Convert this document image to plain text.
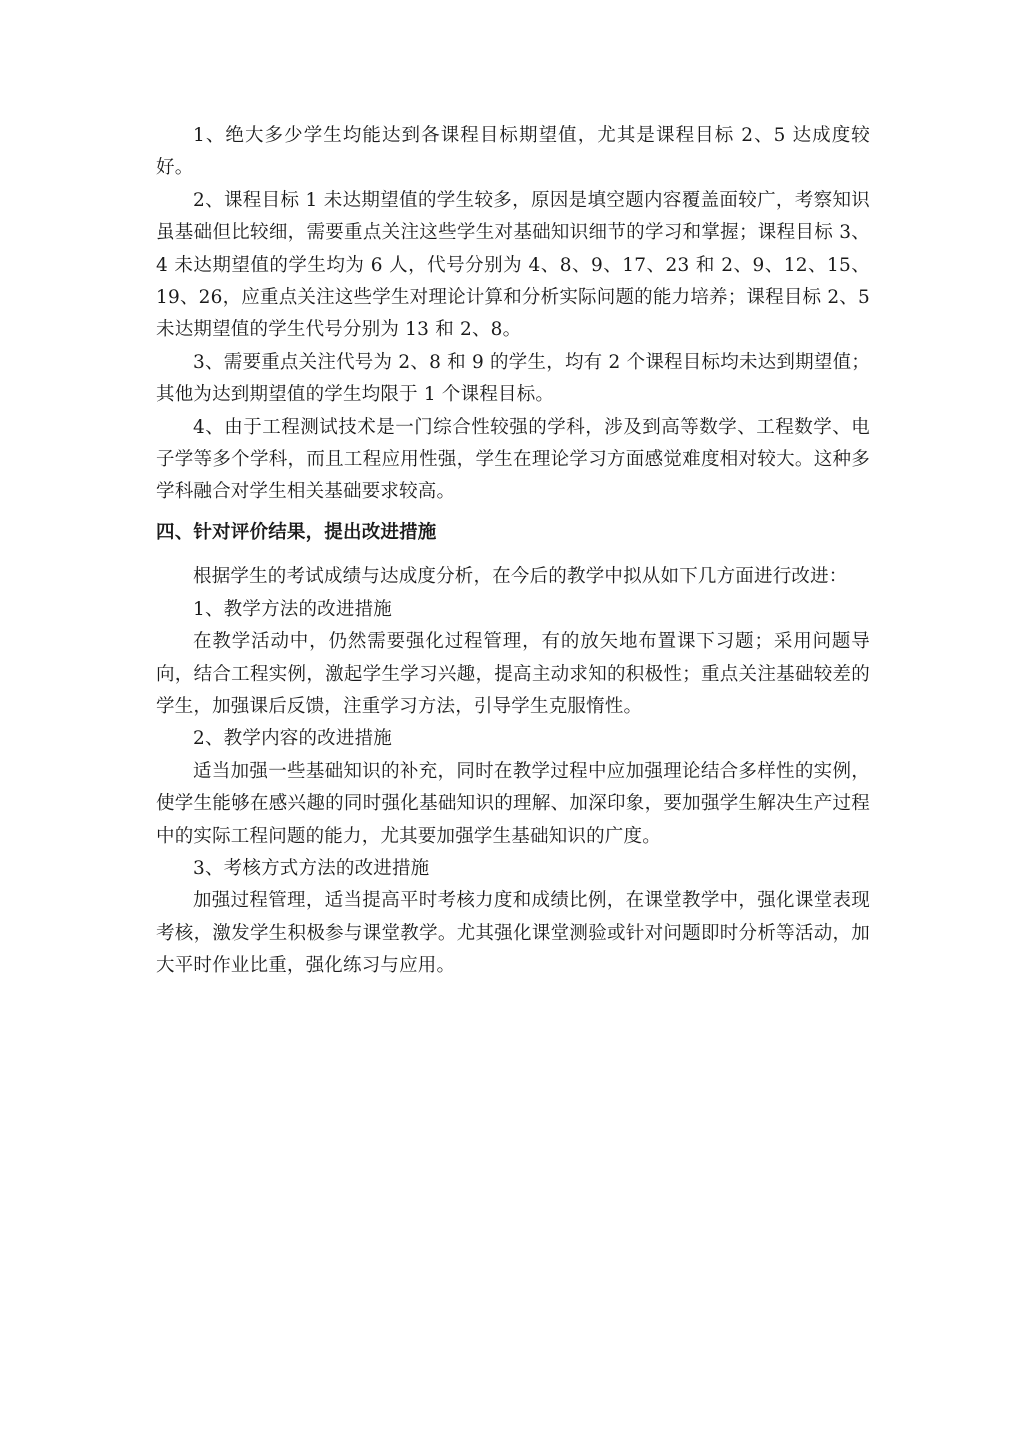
1、绝大多少学生均能达到各课程目标期望值，尤其是课程目标 2、5 达成度较好。

2、课程目标 1 未达期望值的学生较多，原因是填空题内容覆盖面较广，考察知识虽基础但比较细，需要重点关注这些学生对基础知识细节的学习和掌握；课程目标 3、4 未达期望值的学生均为 6 人，代号分别为 4、8、9、17、23 和 2、9、12、15、19、26，应重点关注这些学生对理论计算和分析实际问题的能力培养；课程目标 2、5 未达期望值的学生代号分别为 13 和 2、8。

3、需要重点关注代号为 2、8 和 9 的学生，均有 2 个课程目标均未达到期望值；其他为达到期望值的学生均限于 1 个课程目标。

4、由于工程测试技术是一门综合性较强的学科，涉及到高等数学、工程数学、电子学等多个学科，而且工程应用性强，学生在理论学习方面感觉难度相对较大。这种多学科融合对学生相关基础要求较高。

四、针对评价结果，提出改进措施

根据学生的考试成绩与达成度分析，在今后的教学中拟从如下几方面进行改进：

1、教学方法的改进措施

在教学活动中，仍然需要强化过程管理，有的放矢地布置课下习题；采用问题导向，结合工程实例，激起学生学习兴趣，提高主动求知的积极性；重点关注基础较差的学生，加强课后反馈，注重学习方法，引导学生克服惰性。

2、教学内容的改进措施

适当加强一些基础知识的补充，同时在教学过程中应加强理论结合多样性的实例，使学生能够在感兴趣的同时强化基础知识的理解、加深印象，要加强学生解决生产过程中的实际工程问题的能力，尤其要加强学生基础知识的广度。

3、考核方式方法的改进措施

加强过程管理，适当提高平时考核力度和成绩比例，在课堂教学中，强化课堂表现考核，激发学生积极参与课堂教学。尤其强化课堂测验或针对问题即时分析等活动，加大平时作业比重，强化练习与应用。
